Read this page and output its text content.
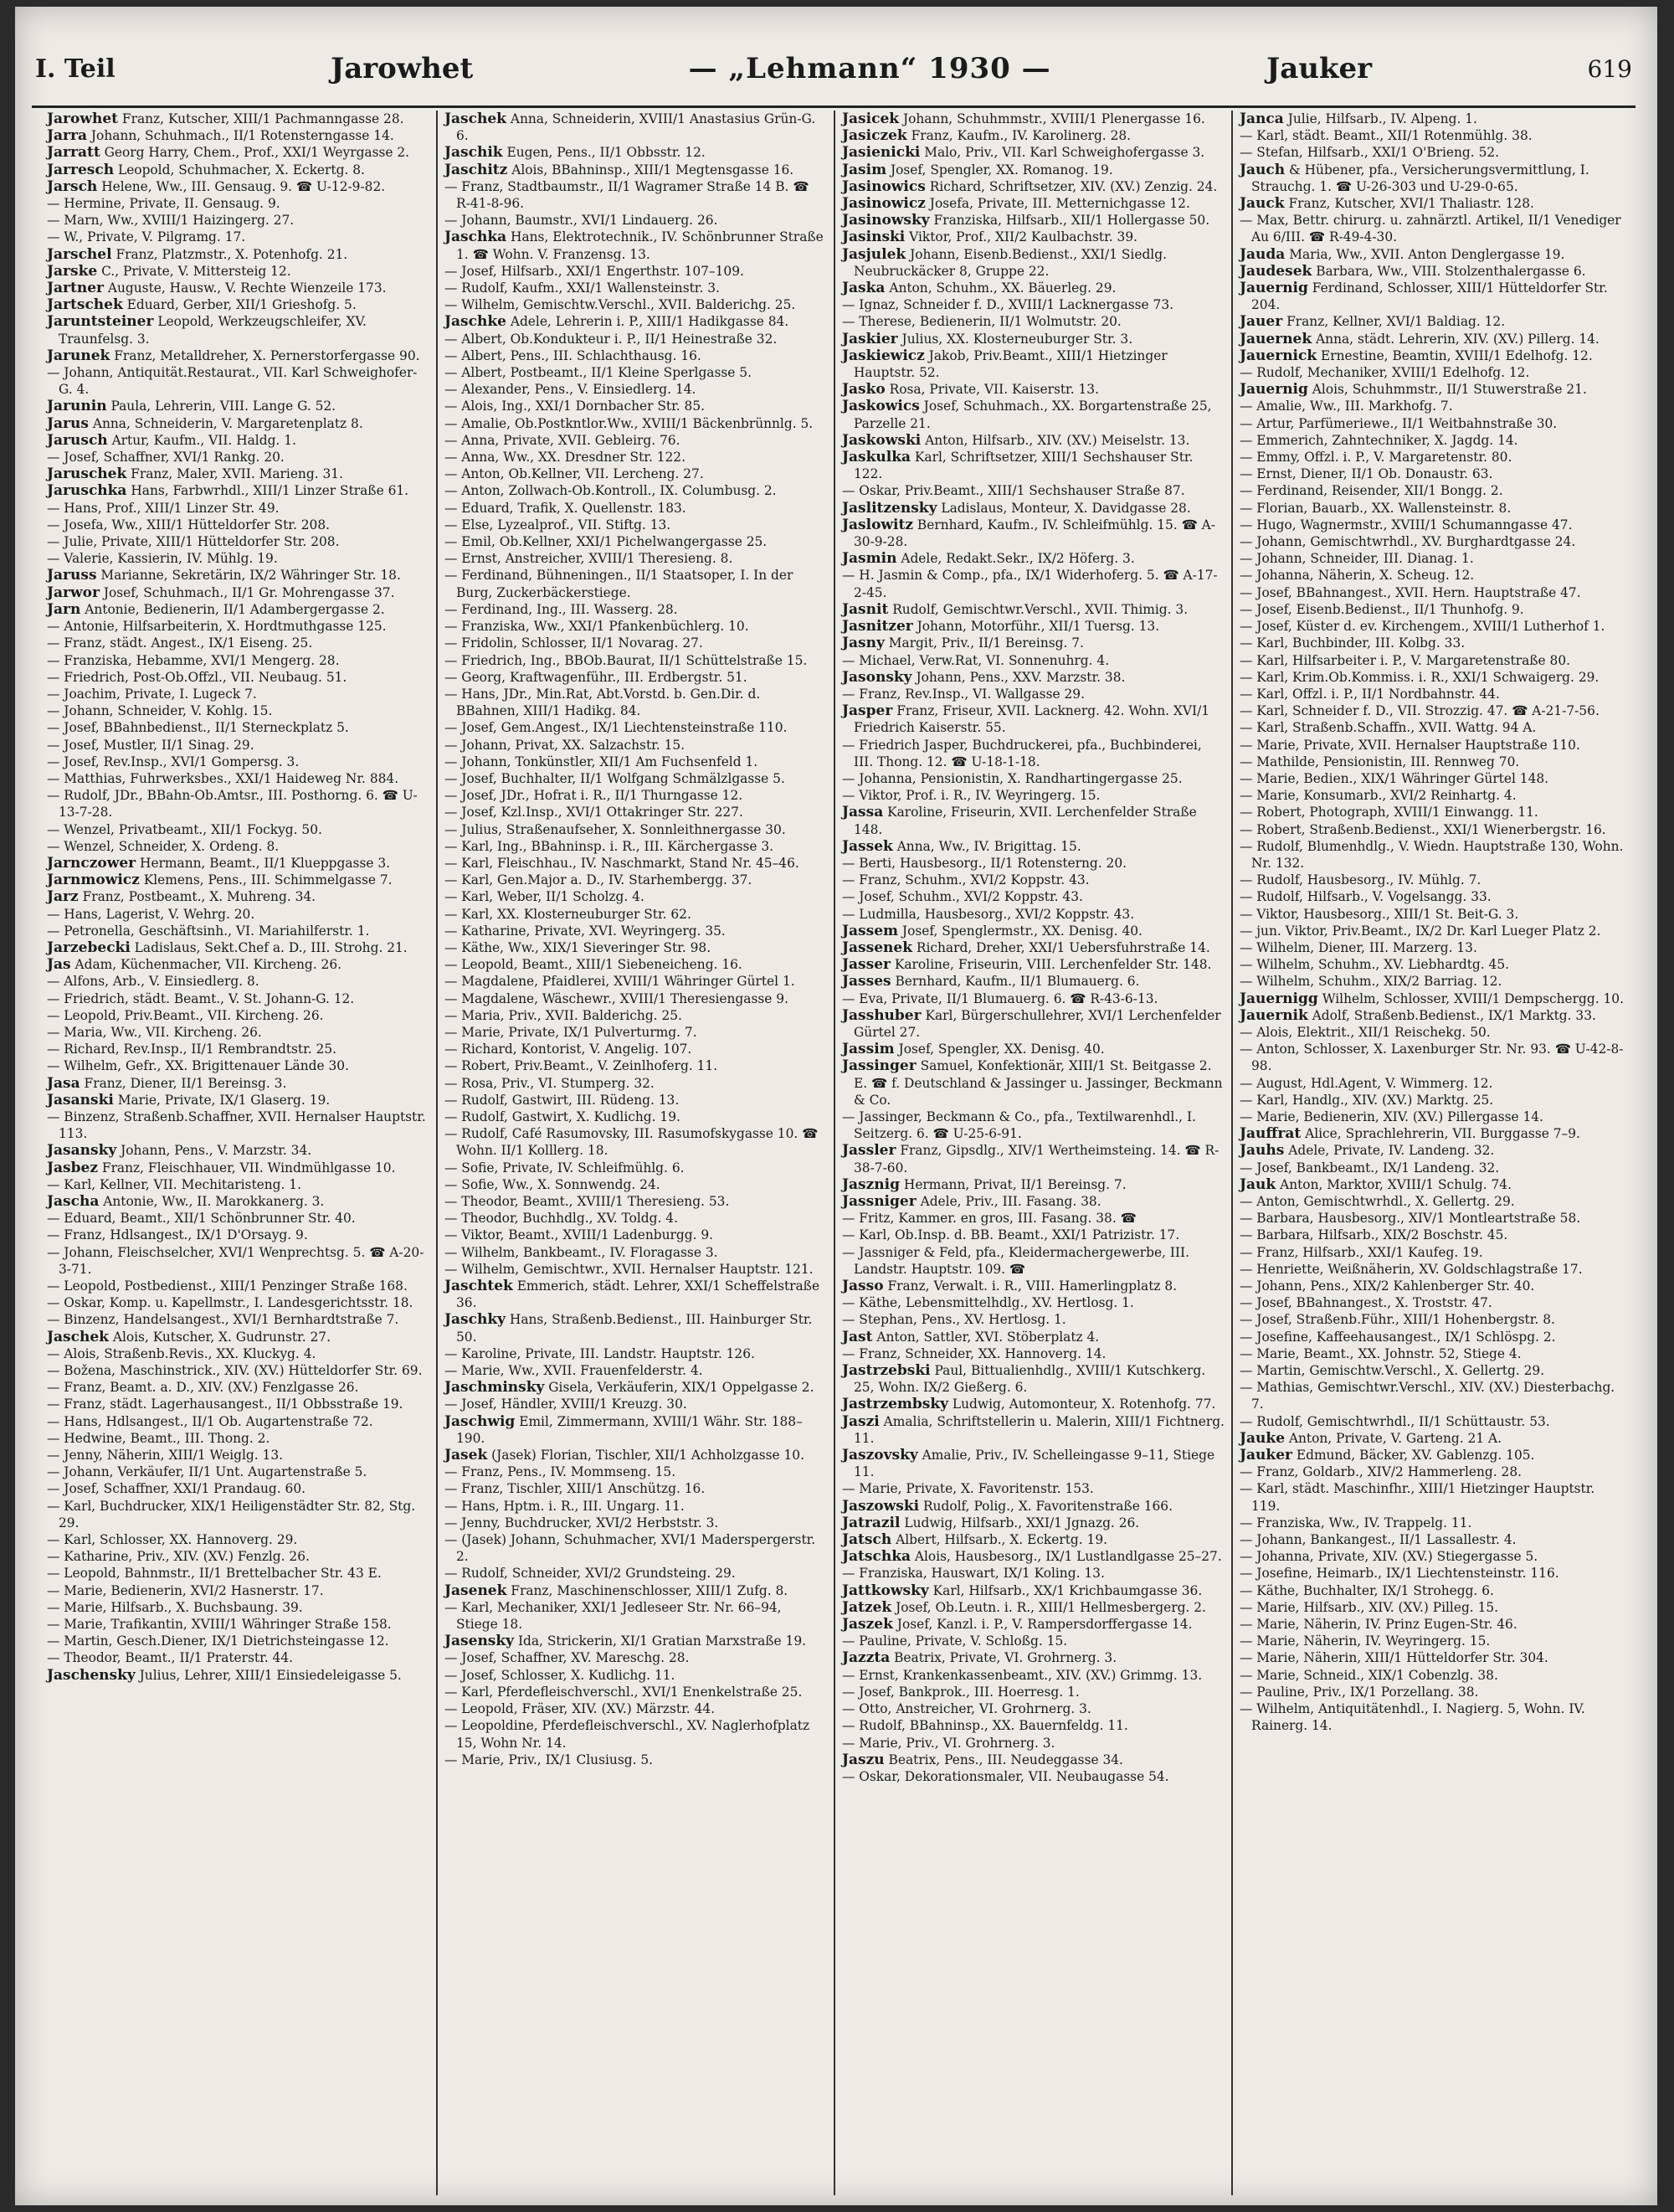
I. Teil	Jarowhet	— „Lehmann“ 1930 —	Jauker	619

Jarowhet Franz, Kutscher, XIII/1 Pachmanngasse 28.

Jarra Johann, Schuhmach., II/1 Rotensterngasse 14.

Jarratt Georg Harry, Chem., Prof., XXI/1 Weyrgasse 2.

Jarresch Leopold, Schuhmacher, X. Eckertg. 8.

Jarsch Helene, Ww., III. Gensaug. 9. ☎ U-12-9-82.

— Hermine, Private, II. Gensaug. 9.

— Marn, Ww., XVIII/1 Haizingerg. 27.

— W., Private, V. Pilgramg. 17.

Jarschel Franz, Platzmstr., X. Potenhofg. 21.

Jarske C., Private, V. Mittersteig 12.

Jartner Auguste, Hausw., V. Rechte Wienzeile 173.

Jartschek Eduard, Gerber, XII/1 Grieshofg. 5.

Jaruntsteiner Leopold, Werkzeugschleifer, XV. Traunfelsg. 3.

Jarunek Franz, Metalldreher, X. Pernerstorfergasse 90.

— Johann, Antiquität.Restaurat., VII. Karl Schweighofer-G. 4.

Jarunin Paula, Lehrerin, VIII. Lange G. 52.

Jarus Anna, Schneiderin, V. Margaretenplatz 8.

Jarusch Artur, Kaufm., VII. Haldg. 1.

— Josef, Schaffner, XVI/1 Rankg. 20.

Jaruschek Franz, Maler, XVII. Marieng. 31.

Jaruschka Hans, Farbwrhdl., XIII/1 Linzer Straße 61.

— Hans, Prof., XIII/1 Linzer Str. 49.

— Josefa, Ww., XIII/1 Hütteldorfer Str. 208.

— Julie, Private, XIII/1 Hütteldorfer Str. 208.

— Valerie, Kassierin, IV. Mühlg. 19.

Jaruss Marianne, Sekretärin, IX/2 Währinger Str. 18.

Jarwor Josef, Schuhmach., II/1 Gr. Mohrengasse 37.

Jarn Antonie, Bedienerin, II/1 Adambergergasse 2.

— Antonie, Hilfsarbeiterin, X. Hordtmuthgasse 125.

— Franz, städt. Angest., IX/1 Eiseng. 25.

— Franziska, Hebamme, XVI/1 Mengerg. 28.

— Friedrich, Post-Ob.Offzl., VII. Neubaug. 51.

— Joachim, Private, I. Lugeck 7.

— Johann, Schneider, V. Kohlg. 15.

— Josef, BBahnbedienst., II/1 Sterneckplatz 5.

— Josef, Mustler, II/1 Sinag. 29.

— Josef, Rev.Insp., XVI/1 Gompersg. 3.

— Matthias, Fuhrwerksbes., XXI/1 Haideweg Nr. 884.

— Rudolf, JDr., BBahn-Ob.Amtsr., III. Posthorng. 6. ☎ U-13-7-28.

— Wenzel, Privatbeamt., XII/1 Fockyg. 50.

— Wenzel, Schneider, X. Ordeng. 8.

Jarnczower Hermann, Beamt., II/1 Klueppgasse 3.

Jarnmowicz Klemens, Pens., III. Schimmelgasse 7.

Jarz Franz, Postbeamt., X. Muhreng. 34.

— Hans, Lagerist, V. Wehrg. 20.

— Petronella, Geschäftsinh., VI. Mariahilferstr. 1.

Jarzebecki Ladislaus, Sekt.Chef a. D., III. Strohg. 21.

Jas Adam, Küchenmacher, VII. Kircheng. 26.

— Alfons, Arb., V. Einsiedlerg. 8.

— Friedrich, städt. Beamt., V. St. Johann-G. 12.

— Leopold, Priv.Beamt., VII. Kircheng. 26.

— Maria, Ww., VII. Kircheng. 26.

— Richard, Rev.Insp., II/1 Rembrandtstr. 25.

— Wilhelm, Gefr., XX. Brigittenauer Lände 30.

Jasa Franz, Diener, II/1 Bereinsg. 3.

Jasanski Marie, Private, IX/1 Glaserg. 19.

— Binzenz, Straßenb.Schaffner, XVII. Hernalser Hauptstr. 113.

Jasansky Johann, Pens., V. Marzstr. 34.

Jasbez Franz, Fleischhauer, VII. Windmühlgasse 10.

— Karl, Kellner, VII. Mechitaristeng. 1.

Jascha Antonie, Ww., II. Marokkanerg. 3.

— Eduard, Beamt., XII/1 Schönbrunner Str. 40.

— Franz, Hdlsangest., IX/1 D'Orsayg. 9.

— Johann, Fleischselcher, XVI/1 Wenprechtsg. 5. ☎ A-20-3-71.

— Leopold, Postbedienst., XIII/1 Penzinger Straße 168.

— Oskar, Komp. u. Kapellmstr., I. Landesgerichtsstr. 18.

— Binzenz, Handelsangest., XVI/1 Bernhardtstraße 7.

Jaschek Alois, Kutscher, X. Gudrunstr. 27.

— Alois, Straßenb.Revis., XX. Kluckyg. 4.

— Božena, Maschinstrick., XIV. (XV.) Hütteldorfer Str. 69.

— Franz, Beamt. a. D., XIV. (XV.) Fenzlgasse 26.

— Franz, städt. Lagerhausangest., II/1 Obbsstraße 19.

— Hans, Hdlsangest., II/1 Ob. Augartenstraße 72.

— Hedwine, Beamt., III. Thong. 2.

— Jenny, Näherin, XIII/1 Weiglg. 13.

— Johann, Verkäufer, II/1 Unt. Augartenstraße 5.

— Josef, Schaffner, XXI/1 Prandaug. 60.

— Karl, Buchdrucker, XIX/1 Heiligenstädter Str. 82, Stg. 29.

— Karl, Schlosser, XX. Hannoverg. 29.

— Katharine, Priv., XIV. (XV.) Fenzlg. 26.

— Leopold, Bahnmstr., II/1 Brettelbacher Str. 43 E.

— Marie, Bedienerin, XVI/2 Hasnerstr. 17.

— Marie, Hilfsarb., X. Buchsbaung. 39.

— Marie, Trafikantin, XVIII/1 Währinger Straße 158.

— Martin, Gesch.Diener, IX/1 Dietrichsteingasse 12.

— Theodor, Beamt., II/1 Praterstr. 44.

Jaschensky Julius, Lehrer, XIII/1 Einsiedeleigasse 5.

Jaschek Anna, Schneiderin, XVIII/1 Anastasius Grün-G. 6.

Jaschik Eugen, Pens., II/1 Obbsstr. 12.

Jaschitz Alois, BBahninsp., XIII/1 Megtensgasse 16.

— Franz, Stadtbaumstr., II/1 Wagramer Straße 14 B. ☎ R-41-8-96.

— Johann, Baumstr., XVI/1 Lindauerg. 26.

Jaschka Hans, Elektrotechnik., IV. Schönbrunner Straße 1. ☎ Wohn. V. Franzensg. 13.

— Josef, Hilfsarb., XXI/1 Engerthstr. 107–109.

— Rudolf, Kaufm., XXI/1 Wallensteinstr. 3.

— Wilhelm, Gemischtw.Verschl., XVII. Balderichg. 25.

Jaschke Adele, Lehrerin i. P., XIII/1 Hadikgasse 84.

— Albert, Ob.Kondukteur i. P., II/1 Heinestraße 32.

— Albert, Pens., III. Schlachthausg. 16.

— Albert, Postbeamt., II/1 Kleine Sperlgasse 5.

— Alexander, Pens., V. Einsiedlerg. 14.

— Alois, Ing., XXI/1 Dornbacher Str. 85.

— Amalie, Ob.Postkntlor.Ww., XVIII/1 Bäckenbrünnlg. 5.

— Anna, Private, XVII. Gebleirg. 76.

— Anna, Ww., XX. Dresdner Str. 122.

— Anton, Ob.Kellner, VII. Lercheng. 27.

— Anton, Zollwach-Ob.Kontroll., IX. Columbusg. 2.

— Eduard, Trafik, X. Quellenstr. 183.

— Else, Lyzealprof., VII. Stiftg. 13.

— Emil, Ob.Kellner, XXI/1 Pichelwangergasse 25.

— Ernst, Anstreicher, XVIII/1 Theresieng. 8.

— Ferdinand, Bühneningen., II/1 Staatsoper, I. In der Burg, Zuckerbäckerstiege.

— Ferdinand, Ing., III. Wasserg. 28.

— Franziska, Ww., XXI/1 Pfankenbüchlerg. 10.

— Fridolin, Schlosser, II/1 Novarag. 27.

— Friedrich, Ing., BBOb.Baurat, II/1 Schüttelstraße 15.

— Georg, Kraftwagenführ., III. Erdbergstr. 51.

— Hans, JDr., Min.Rat, Abt.Vorstd. b. Gen.Dir. d. BBahnen, XIII/1 Hadikg. 84.

— Josef, Gem.Angest., IX/1 Liechtensteinstraße 110.

— Johann, Privat, XX. Salzachstr. 15.

— Johann, Tonkünstler, XII/1 Am Fuchsenfeld 1.

— Josef, Buchhalter, II/1 Wolfgang Schmälzlgasse 5.

— Josef, JDr., Hofrat i. R., II/1 Thurngasse 12.

— Josef, Kzl.Insp., XVI/1 Ottakringer Str. 227.

— Julius, Straßenaufseher, X. Sonnleithnergasse 30.

— Karl, Ing., BBahninsp. i. R., III. Kärchergasse 3.

— Karl, Fleischhau., IV. Naschmarkt, Stand Nr. 45–46.

— Karl, Gen.Major a. D., IV. Starhembergg. 37.

— Karl, Weber, II/1 Scholzg. 4.

— Karl, XX. Klosterneuburger Str. 62.

— Katharine, Private, XVI. Weyringerg. 35.

— Käthe, Ww., XIX/1 Sieveringer Str. 98.

— Leopold, Beamt., XIII/1 Siebeneicheng. 16.

— Magdalene, Pfaidlerei, XVIII/1 Währinger Gürtel 1.

— Magdalene, Wäschewr., XVIII/1 Theresiengasse 9.

— Maria, Priv., XVII. Balderichg. 25.

— Marie, Private, IX/1 Pulverturmg. 7.

— Richard, Kontorist, V. Angelig. 107.

— Robert, Priv.Beamt., V. Zeinlhoferg. 11.

— Rosa, Priv., VI. Stumperg. 32.

— Rudolf, Gastwirt, III. Rüdeng. 13.

— Rudolf, Gastwirt, X. Kudlichg. 19.

— Rudolf, Café Rasumovsky, III. Rasumofskygasse 10. ☎ Wohn. II/1 Kolllerg. 18.

— Sofie, Private, IV. Schleifmühlg. 6.

— Sofie, Ww., X. Sonnwendg. 24.

— Theodor, Beamt., XVIII/1 Theresieng. 53.

— Theodor, Buchhdlg., XV. Toldg. 4.

— Viktor, Beamt., XVIII/1 Ladenburgg. 9.

— Wilhelm, Bankbeamt., IV. Floragasse 3.

— Wilhelm, Gemischtwr., XVII. Hernalser Hauptstr. 121.

Jaschtek Emmerich, städt. Lehrer, XXI/1 Scheffelstraße 36.

Jaschky Hans, Straßenb.Bedienst., III. Hainburger Str. 50.

— Karoline, Private, III. Landstr. Hauptstr. 126.

— Marie, Ww., XVII. Frauenfelderstr. 4.

Jaschminsky Gisela, Verkäuferin, XIX/1 Oppelgasse 2.

— Josef, Händler, XVIII/1 Kreuzg. 30.

Jaschwig Emil, Zimmermann, XVIII/1 Währ. Str. 188–190.

Jasek (Jasek) Florian, Tischler, XII/1 Achholzgasse 10.

— Franz, Pens., IV. Mommseng. 15.

— Franz, Tischler, XIII/1 Anschützg. 16.

— Hans, Hptm. i. R., III. Ungarg. 11.

— Jenny, Buchdrucker, XVI/2 Herbststr. 3.

— (Jasek) Johann, Schuhmacher, XVI/1 Maderspergerstr. 2.

— Rudolf, Schneider, XVI/2 Grundsteing. 29.

Jasenek Franz, Maschinenschlosser, XIII/1 Zufg. 8.

— Karl, Mechaniker, XXI/1 Jedleseer Str. Nr. 66–94, Stiege 18.

Jasensky Ida, Strickerin, XI/1 Gratian Marxstraße 19.

— Josef, Schaffner, XV. Mareschg. 28.

— Josef, Schlosser, X. Kudlichg. 11.

— Karl, Pferdefleischverschl., XVI/1 Enenkelstraße 25.

— Leopold, Fräser, XIV. (XV.) Märzstr. 44.

— Leopoldine, Pferdefleischverschl., XV. Naglerhofplatz 15, Wohn Nr. 14.

— Marie, Priv., IX/1 Clusiusg. 5.

Jasicek Johann, Schuhmmstr., XVIII/1 Plenergasse 16.

Jasiczek Franz, Kaufm., IV. Karolinerg. 28.

Jasienicki Malo, Priv., VII. Karl Schweighofergasse 3.

Jasim Josef, Spengler, XX. Romanog. 19.

Jasinowics Richard, Schriftsetzer, XIV. (XV.) Zenzig. 24.

Jasinowicz Josefa, Private, III. Metternichgasse 12.

Jasinowsky Franziska, Hilfsarb., XII/1 Hollergasse 50.

Jasinski Viktor, Prof., XII/2 Kaulbachstr. 39.

Jasjulek Johann, Eisenb.Bedienst., XXI/1 Siedlg. Neubruckäcker 8, Gruppe 22.

Jaska Anton, Schuhm., XX. Bäuerleg. 29.

— Ignaz, Schneider f. D., XVIII/1 Lacknergasse 73.

— Therese, Bedienerin, II/1 Wolmutstr. 20.

Jaskier Julius, XX. Klosterneuburger Str. 3.

Jaskiewicz Jakob, Priv.Beamt., XIII/1 Hietzinger Hauptstr. 52.

Jasko Rosa, Private, VII. Kaiserstr. 13.

Jaskowics Josef, Schuhmach., XX. Borgartenstraße 25, Parzelle 21.

Jaskowski Anton, Hilfsarb., XIV. (XV.) Meiselstr. 13.

Jaskulka Karl, Schriftsetzer, XIII/1 Sechshauser Str. 122.

— Oskar, Priv.Beamt., XIII/1 Sechshauser Straße 87.

Jaslitzensky Ladislaus, Monteur, X. Davidgasse 28.

Jaslowitz Bernhard, Kaufm., IV. Schleifmühlg. 15. ☎ A-30-9-28.

Jasmin Adele, Redakt.Sekr., IX/2 Höferg. 3.

— H. Jasmin & Comp., pfa., IX/1 Widerhoferg. 5. ☎ A-17-2-45.

Jasnit Rudolf, Gemischtwr.Verschl., XVII. Thimig. 3.

Jasnitzer Johann, Motorführ., XII/1 Tuersg. 13.

Jasny Margit, Priv., II/1 Bereinsg. 7.

— Michael, Verw.Rat, VI. Sonnenuhrg. 4.

Jasonsky Johann, Pens., XXV. Marzstr. 38.

— Franz, Rev.Insp., VI. Wallgasse 29.

Jasper Franz, Friseur, XVII. Lacknerg. 42. Wohn. XVI/1 Friedrich Kaiserstr. 55.

— Friedrich Jasper, Buchdruckerei, pfa., Buchbinderei, III. Thong. 12. ☎ U-18-1-18.

— Johanna, Pensionistin, X. Randhartingergasse 25.

— Viktor, Prof. i. R., IV. Weyringerg. 15.

Jassa Karoline, Friseurin, XVII. Lerchenfelder Straße 148.

Jassek Anna, Ww., IV. Brigittag. 15.

— Berti, Hausbesorg., II/1 Rotensterng. 20.

— Franz, Schuhm., XVI/2 Koppstr. 43.

— Josef, Schuhm., XVI/2 Koppstr. 43.

— Ludmilla, Hausbesorg., XVI/2 Koppstr. 43.

Jassem Josef, Spenglermstr., XX. Denisg. 40.

Jassenek Richard, Dreher, XXI/1 Uebersfuhrstraße 14.

Jasser Karoline, Friseurin, VIII. Lerchenfelder Str. 148.

Jasses Bernhard, Kaufm., II/1 Blumauerg. 6.

— Eva, Private, II/1 Blumauerg. 6. ☎ R-43-6-13.

Jasshuber Karl, Bürgerschullehrer, XVI/1 Lerchenfelder Gürtel 27.

Jassim Josef, Spengler, XX. Denisg. 40.

Jassinger Samuel, Konfektionär, XIII/1 St. Beitgasse 2. E. ☎ f. Deutschland & Jassinger u. Jassinger, Beckmann & Co.

— Jassinger, Beckmann & Co., pfa., Textilwarenhdl., I. Seitzerg. 6. ☎ U-25-6-91.

Jassler Franz, Gipsdlg., XIV/1 Wertheimsteing. 14. ☎ R-38-7-60.

Jasznig Hermann, Privat, II/1 Bereinsg. 7.

Jassniger Adele, Priv., III. Fasang. 38.

— Fritz, Kammer. en gros, III. Fasang. 38. ☎

— Karl, Ob.Insp. d. BB. Beamt., XXI/1 Patrizistr. 17.

— Jassniger & Feld, pfa., Kleidermachergewerbe, III. Landstr. Hauptstr. 109. ☎

Jasso Franz, Verwalt. i. R., VIII. Hamerlingplatz 8.

— Käthe, Lebensmittelhdlg., XV. Hertlosg. 1.

— Stephan, Pens., XV. Hertlosg. 1.

Jast Anton, Sattler, XVI. Stöberplatz 4.

— Franz, Schneider, XX. Hannoverg. 14.

Jastrzebski Paul, Bittualienhdlg., XVIII/1 Kutschkerg. 25, Wohn. IX/2 Gießerg. 6.

Jastrzembsky Ludwig, Automonteur, X. Rotenhofg. 77.

Jaszi Amalia, Schriftstellerin u. Malerin, XIII/1 Fichtnerg. 11.

Jaszovsky Amalie, Priv., IV. Schelleingasse 9–11, Stiege 11.

— Marie, Private, X. Favoritenstr. 153.

Jaszowski Rudolf, Polig., X. Favoritenstraße 166.

Jatrazil Ludwig, Hilfsarb., XXI/1 Jgnazg. 26.

Jatsch Albert, Hilfsarb., X. Eckertg. 19.

Jatschka Alois, Hausbesorg., IX/1 Lustlandlgasse 25–27.

— Franziska, Hauswart, IX/1 Koling. 13.

Jattkowsky Karl, Hilfsarb., XX/1 Krichbaumgasse 36.

Jatzek Josef, Ob.Leutn. i. R., XIII/1 Hellmesbergerg. 2.

Jaszek Josef, Kanzl. i. P., V. Rampersdorffergasse 14.

— Pauline, Private, V. Schloßg. 15.

Jazzta Beatrix, Private, VI. Grohrnerg. 3.

— Ernst, Krankenkassenbeamt., XIV. (XV.) Grimmg. 13.

— Josef, Bankprok., III. Hoerresg. 1.

— Otto, Anstreicher, VI. Grohrnerg. 3.

— Rudolf, BBahninsp., XX. Bauernfeldg. 11.

— Marie, Priv., VI. Grohrnerg. 3.

Jaszu Beatrix, Pens., III. Neudeggasse 34.

— Oskar, Dekorationsmaler, VII. Neubaugasse 54.

Janca Julie, Hilfsarb., IV. Alpeng. 1.

— Karl, städt. Beamt., XII/1 Rotenmühlg. 38.

— Stefan, Hilfsarb., XXI/1 O'Brieng. 52.

Jauch & Hübener, pfa., Versicherungsvermittlung, I. Strauchg. 1. ☎ U-26-303 und U-29-0-65.

Jauck Franz, Kutscher, XVI/1 Thaliastr. 128.

— Max, Bettr. chirurg. u. zahnärztl. Artikel, II/1 Venediger Au 6/III. ☎ R-49-4-30.

Jauda Maria, Ww., XVII. Anton Denglergasse 19.

Jaudesek Barbara, Ww., VIII. Stolzenthalergasse 6.

Jauernig Ferdinand, Schlosser, XIII/1 Hütteldorfer Str. 204.

Jauer Franz, Kellner, XVI/1 Baldiag. 12.

Jauernek Anna, städt. Lehrerin, XIV. (XV.) Pillerg. 14.

Jauernick Ernestine, Beamtin, XVIII/1 Edelhofg. 12.

— Rudolf, Mechaniker, XVIII/1 Edelhofg. 12.

Jauernig Alois, Schuhmmstr., II/1 Stuwerstraße 21.

— Amalie, Ww., III. Markhofg. 7.

— Artur, Parfümeriewe., II/1 Weitbahnstraße 30.

— Emmerich, Zahntechniker, X. Jagdg. 14.

— Emmy, Offzl. i. P., V. Margaretenstr. 80.

— Ernst, Diener, II/1 Ob. Donaustr. 63.

— Ferdinand, Reisender, XII/1 Bongg. 2.

— Florian, Bauarb., XX. Wallensteinstr. 8.

— Hugo, Wagnermstr., XVIII/1 Schumanngasse 47.

— Johann, Gemischtwrhdl., XV. Burghardtgasse 24.

— Johann, Schneider, III. Dianag. 1.

— Johanna, Näherin, X. Scheug. 12.

— Josef, BBahnangest., XVII. Hern. Hauptstraße 47.

— Josef, Eisenb.Bedienst., II/1 Thunhofg. 9.

— Josef, Küster d. ev. Kirchengem., XVIII/1 Lutherhof 1.

— Karl, Buchbinder, III. Kolbg. 33.

— Karl, Hilfsarbeiter i. P., V. Margaretenstraße 80.

— Karl, Krim.Ob.Kommiss. i. R., XXI/1 Schwaigerg. 29.

— Karl, Offzl. i. P., II/1 Nordbahnstr. 44.

— Karl, Schneider f. D., VII. Strozzig. 47. ☎ A-21-7-56.

— Karl, Straßenb.Schaffn., XVII. Wattg. 94 A.

— Marie, Private, XVII. Hernalser Hauptstraße 110.

— Mathilde, Pensionistin, III. Rennweg 70.

— Marie, Bedien., XIX/1 Währinger Gürtel 148.

— Marie, Konsumarb., XVI/2 Reinhartg. 4.

— Robert, Photograph, XVIII/1 Einwangg. 11.

— Robert, Straßenb.Bedienst., XXI/1 Wienerbergstr. 16.

— Rudolf, Blumenhdlg., V. Wiedn. Hauptstraße 130, Wohn. Nr. 132.

— Rudolf, Hausbesorg., IV. Mühlg. 7.

— Rudolf, Hilfsarb., V. Vogelsangg. 33.

— Viktor, Hausbesorg., XIII/1 St. Beit-G. 3.

— jun. Viktor, Priv.Beamt., IX/2 Dr. Karl Lueger Platz 2.

— Wilhelm, Diener, III. Marzerg. 13.

— Wilhelm, Schuhm., XV. Liebhardtg. 45.

— Wilhelm, Schuhm., XIX/2 Barriag. 12.

Jauernigg Wilhelm, Schlosser, XVIII/1 Dempschergg. 10.

Jauernik Adolf, Straßenb.Bedienst., IX/1 Marktg. 33.

— Alois, Elektrit., XII/1 Reischekg. 50.

— Anton, Schlosser, X. Laxenburger Str. Nr. 93. ☎ U-42-8-98.

— August, Hdl.Agent, V. Wimmerg. 12.

— Karl, Handlg., XIV. (XV.) Marktg. 25.

— Marie, Bedienerin, XIV. (XV.) Pillergasse 14.

Jauffrat Alice, Sprachlehrerin, VII. Burggasse 7–9.

Jauhs Adele, Private, IV. Landeng. 32.

— Josef, Bankbeamt., IX/1 Landeng. 32.

Jauk Anton, Marktor, XVIII/1 Schulg. 74.

— Anton, Gemischtwrhdl., X. Gellertg. 29.

— Barbara, Hausbesorg., XIV/1 Montleartstraße 58.

— Barbara, Hilfsarb., XIX/2 Boschstr. 45.

— Franz, Hilfsarb., XXI/1 Kaufeg. 19.

— Henriette, Weißnäherin, XV. Goldschlagstraße 17.

— Johann, Pens., XIX/2 Kahlenberger Str. 40.

— Josef, BBahnangest., X. Troststr. 47.

— Josef, Straßenb.Führ., XIII/1 Hohenbergstr. 8.

— Josefine, Kaffeehausangest., IX/1 Schlöspg. 2.

— Marie, Beamt., XX. Johnstr. 52, Stiege 4.

— Martin, Gemischtw.Verschl., X. Gellertg. 29.

— Mathias, Gemischtwr.Verschl., XIV. (XV.) Diesterbachg. 7.

— Rudolf, Gemischtwrhdl., II/1 Schüttaustr. 53.

Jauke Anton, Private, V. Garteng. 21 A.

Jauker Edmund, Bäcker, XV. Gablenzg. 105.

— Franz, Goldarb., XIV/2 Hammerleng. 28.

— Karl, städt. Maschinfhr., XIII/1 Hietzinger Hauptstr. 119.

— Franziska, Ww., IV. Trappelg. 11.

— Johann, Bankangest., II/1 Lassallestr. 4.

— Johanna, Private, XIV. (XV.) Stiegergasse 5.

— Josefine, Heimarb., IX/1 Liechtensteinstr. 116.

— Käthe, Buchhalter, IX/1 Strohegg. 6.

— Marie, Hilfsarb., XIV. (XV.) Pilleg. 15.

— Marie, Näherin, IV. Prinz Eugen-Str. 46.

— Marie, Näherin, IV. Weyringerg. 15.

— Marie, Näherin, XIII/1 Hütteldorfer Str. 304.

— Marie, Schneid., XIX/1 Cobenzlg. 38.

— Pauline, Priv., IX/1 Porzellang. 38.

— Wilhelm, Antiquitätenhdl., I. Nagierg. 5, Wohn. IV. Rainerg. 14.
